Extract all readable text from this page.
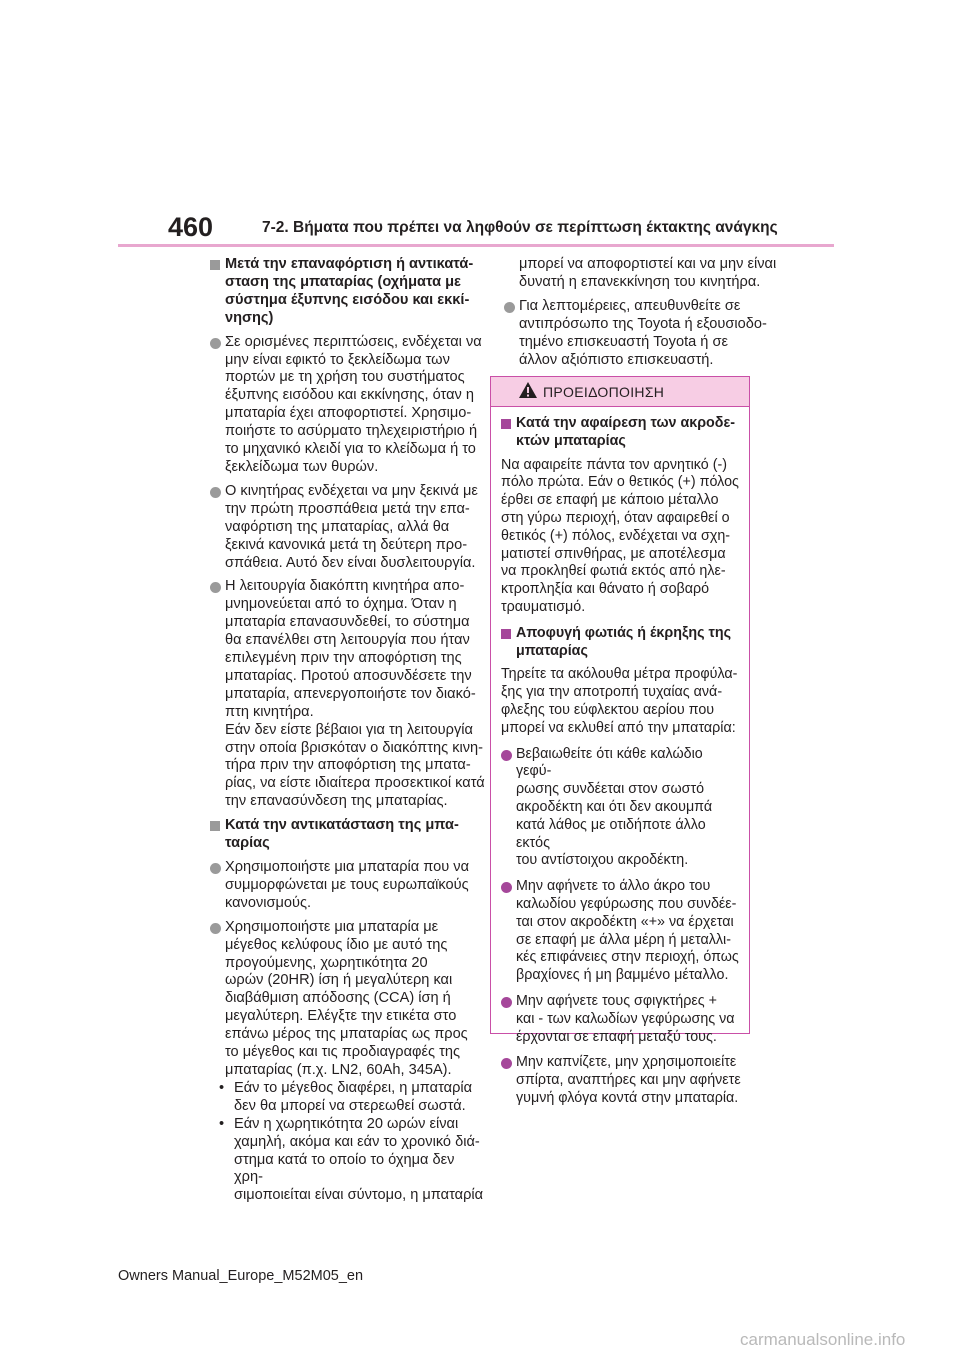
460	7-2. Βήματα που πρέπει να ληφθούν σε περίπτωση έκτακτης ανάγκης
Μετά την επαναφόρτιση ή αντικατά-
σταση της μπαταρίας (οχήματα με
σύστημα έξυπνης εισόδου και εκκί-
νησης)
Σε ορισμένες περιπτώσεις, ενδέχεται να
μην είναι εφικτό το ξεκλείδωμα των
πορτών με τη χρήση του συστήματος
έξυπνης εισόδου και εκκίνησης, όταν η
μπαταρία έχει αποφορτιστεί. Χρησιμο-
ποιήστε το ασύρματο τηλεχειριστήριο ή
το μηχανικό κλειδί για το κλείδωμα ή το
ξεκλείδωμα των θυρών.
Ο κινητήρας ενδέχεται να μην ξεκινά με
την πρώτη προσπάθεια μετά την επα-
ναφόρτιση της μπαταρίας, αλλά θα
ξεκινά κανονικά μετά τη δεύτερη προ-
σπάθεια. Αυτό δεν είναι δυσλειτουργία.
Η λειτουργία διακόπτη κινητήρα απο-
μνημονεύεται από το όχημα. Όταν η
μπαταρία επανασυνδεθεί, το σύστημα
θα επανέλθει στη λειτουργία που ήταν
επιλεγμένη πριν την αποφόρτιση της
μπαταρίας. Προτού αποσυνδέσετε την
μπαταρία, απενεργοποιήστε τον διακό-
πτη κινητήρα.
Εάν δεν είστε βέβαιοι για τη λειτουργία
στην οποία βρισκόταν ο διακόπτης κινη-
τήρα πριν την αποφόρτιση της μπατα-
ρίας, να είστε ιδιαίτερα προσεκτικοί κατά
την επανασύνδεση της μπαταρίας.
Κατά την αντικατάσταση της μπα-
ταρίας
Χρησιμοποιήστε μια μπαταρία που να
συμμορφώνεται με τους ευρωπαϊκούς
κανονισμούς.
Χρησιμοποιήστε μια μπαταρία με
μέγεθος κελύφους ίδιο με αυτό της
προγούμενης, χωρητικότητα 20
ωρών (20HR) ίση ή μεγαλύτερη και
διαβάθμιση απόδοσης (CCA) ίση ή
μεγαλύτερη. Ελέγξτε την ετικέτα στο
επάνω μέρος της μπαταρίας ως προς
το μέγεθος και τις προδιαγραφές της
μπαταρίας (π.χ. LN2, 60Ah, 345A).
• Εάν το μέγεθος διαφέρει, η μπαταρία
δεν θα μπορεί να στερεωθεί σωστά.
• Εάν η χωρητικότητα 20 ωρών είναι
χαμηλή, ακόμα και εάν το χρονικό διά-
στημα κατά το οποίο το όχημα δεν χρη-
σιμοποιείται είναι σύντομο, η μπαταρία
μπορεί να αποφορτιστεί και να μην είναι
δυνατή η επανεκκίνηση του κινητήρα.
Για λεπτομέρειες, απευθυνθείτε σε
αντιπρόσωπο της Toyota ή εξουσιοδο-
τημένο επισκευαστή Toyota ή σε
άλλον αξιόπιστο επισκευαστή.
ΠΡΟΕΙΔΟΠΟΙΗΣΗ
Κατά την αφαίρεση των ακροδε-
κτών μπαταρίας
Να αφαιρείτε πάντα τον αρνητικό (-)
πόλο πρώτα. Εάν ο θετικός (+) πόλος
έρθει σε επαφή με κάποιο μέταλλο
στη γύρω περιοχή, όταν αφαιρεθεί ο
θετικός (+) πόλος, ενδέχεται να σχη-
ματιστεί σπινθήρας, με αποτέλεσμα
να προκληθεί φωτιά εκτός από ηλε-
κτροπληξία και θάνατο ή σοβαρό
τραυματισμό.
Αποφυγή φωτιάς ή έκρηξης της
μπαταρίας
Τηρείτε τα ακόλουθα μέτρα προφύλα-
ξης για την αποτροπή τυχαίας ανά-
φλεξης του εύφλεκτου αερίου που
μπορεί να εκλυθεί από την μπαταρία:
Βεβαιωθείτε ότι κάθε καλώδιο γεφύ-
ρωσης συνδέεται στον σωστό
ακροδέκτη και ότι δεν ακουμπά
κατά λάθος με οτιδήποτε άλλο εκτός
του αντίστοιχου ακροδέκτη.
Μην αφήνετε το άλλο άκρο του
καλωδίου γεφύρωσης που συνδέε-
ται στον ακροδέκτη «+» να έρχεται
σε επαφή με άλλα μέρη ή μεταλλι-
κές επιφάνειες στην περιοχή, όπως
βραχίονες ή μη βαμμένο μέταλλο.
Μην αφήνετε τους σφιγκτήρες +
και - των καλωδίων γεφύρωσης να
έρχονται σε επαφή μεταξύ τους.
Μην καπνίζετε, μην χρησιμοποιείτε
σπίρτα, αναπτήρες και μην αφήνετε
γυμνή φλόγα κοντά στην μπαταρία.
Owners Manual_Europe_M52M05_en
carmanualsonline.info
